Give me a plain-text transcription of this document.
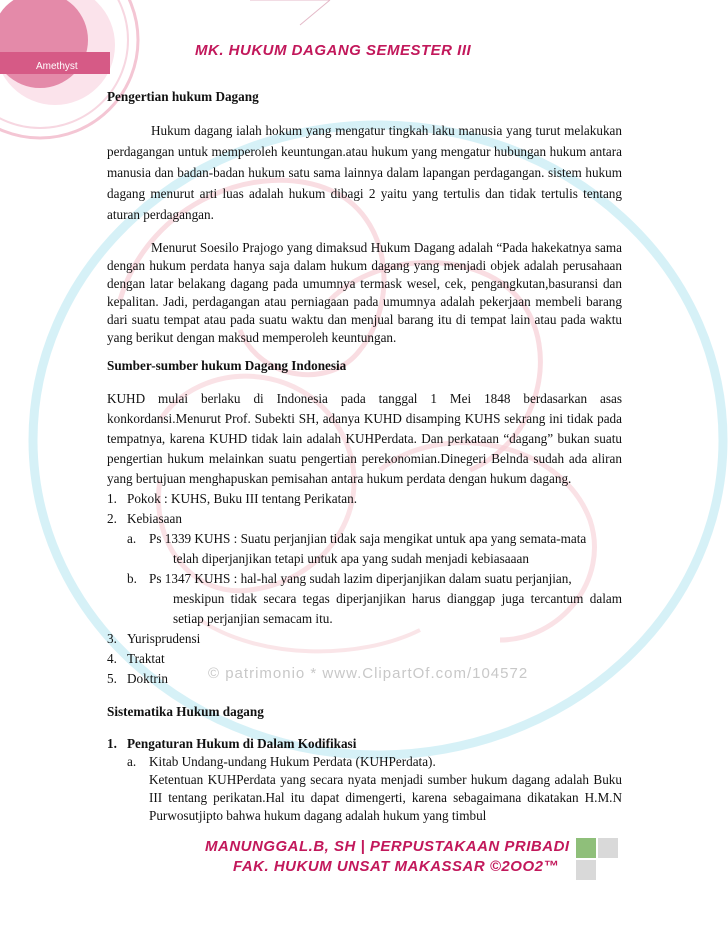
Amethyst
MK. HUKUM DAGANG SEMESTER III
© patrimonio * www.ClipartOf.com/104572

Pengertian hukum Dagang

Hukum dagang ialah hokum yang mengatur tingkah laku manusia yang turut melakukan perdagangan untuk memperoleh keuntungan.atau hukum yang mengatur hubungan hukum antara manusia dan badan-badan hukum satu sama lainnya dalam lapangan perdagangan. sistem hukum dagang menurut arti luas adalah hukum dibagi 2 yaitu yang tertulis dan tidak tertulis tentang aturan perdagangan.

Menurut Soesilo Prajogo yang dimaksud Hukum Dagang adalah “Pada hakekatnya sama dengan hukum perdata hanya saja dalam hukum dagang yang menjadi objek adalah perusahaan dengan latar belakang dagang pada umumnya termask wesel, cek, pengangkutan,basuransi dan kepalitan. Jadi, perdagangan atau perniagaan pada umumnya adalah pekerjaan membeli barang dari suatu tempat atau pada suatu waktu dan menjual barang itu di tempat lain atau pada waktu yang berikut dengan maksud memperoleh keuntungan.

Sumber-sumber hukum Dagang Indonesia

KUHD mulai berlaku di Indonesia pada tanggal 1 Mei 1848 berdasarkan asas konkordansi.Menurut Prof. Subekti SH, adanya KUHD disamping KUHS sekrang ini tidak pada tempatnya, karena KUHD tidak lain adalah KUHPerdata. Dan perkataan “dagang” bukan suatu pengertian hukum melainkan suatu pengertian perekonomian.Dinegeri Belnda sudah ada aliran yang bertujuan menghapuskan pemisahan antara hukum perdata dengan hukum dagang.

1. Pokok : KUHS, Buku III tentang Perikatan.
2. Kebiasaan
a. Ps 1339 KUHS : Suatu perjanjian tidak saja mengikat untuk apa yang semata-mata
telah diperjanjikan tetapi untuk apa yang sudah menjadi kebiasaaan
b. Ps 1347 KUHS : hal-hal yang sudah lazim diperjanjikan dalam suatu perjanjian,
meskipun tidak secara tegas diperjanjikan harus dianggap juga tercantum dalam setiap perjanjian semacam itu.
3. Yurisprudensi
4. Traktat
5. Doktrin

Sistematika Hukum dagang

1. Pengaturan Hukum di Dalam Kodifikasi
a. Kitab Undang-undang Hukum Perdata (KUHPerdata).
Ketentuan KUHPerdata yang secara nyata menjadi sumber hukum dagang adalah Buku III tentang perikatan.Hal itu dapat dimengerti, karena sebagaimana dikatakan H.M.N Purwosutjipto bahwa hukum dagang adalah hukum yang timbul
MANUNGGAL.B, SH | PERPUSTAKAAN PRIBADI
FAK. HUKUM UNSAT MAKASSAR ©2OO2™
